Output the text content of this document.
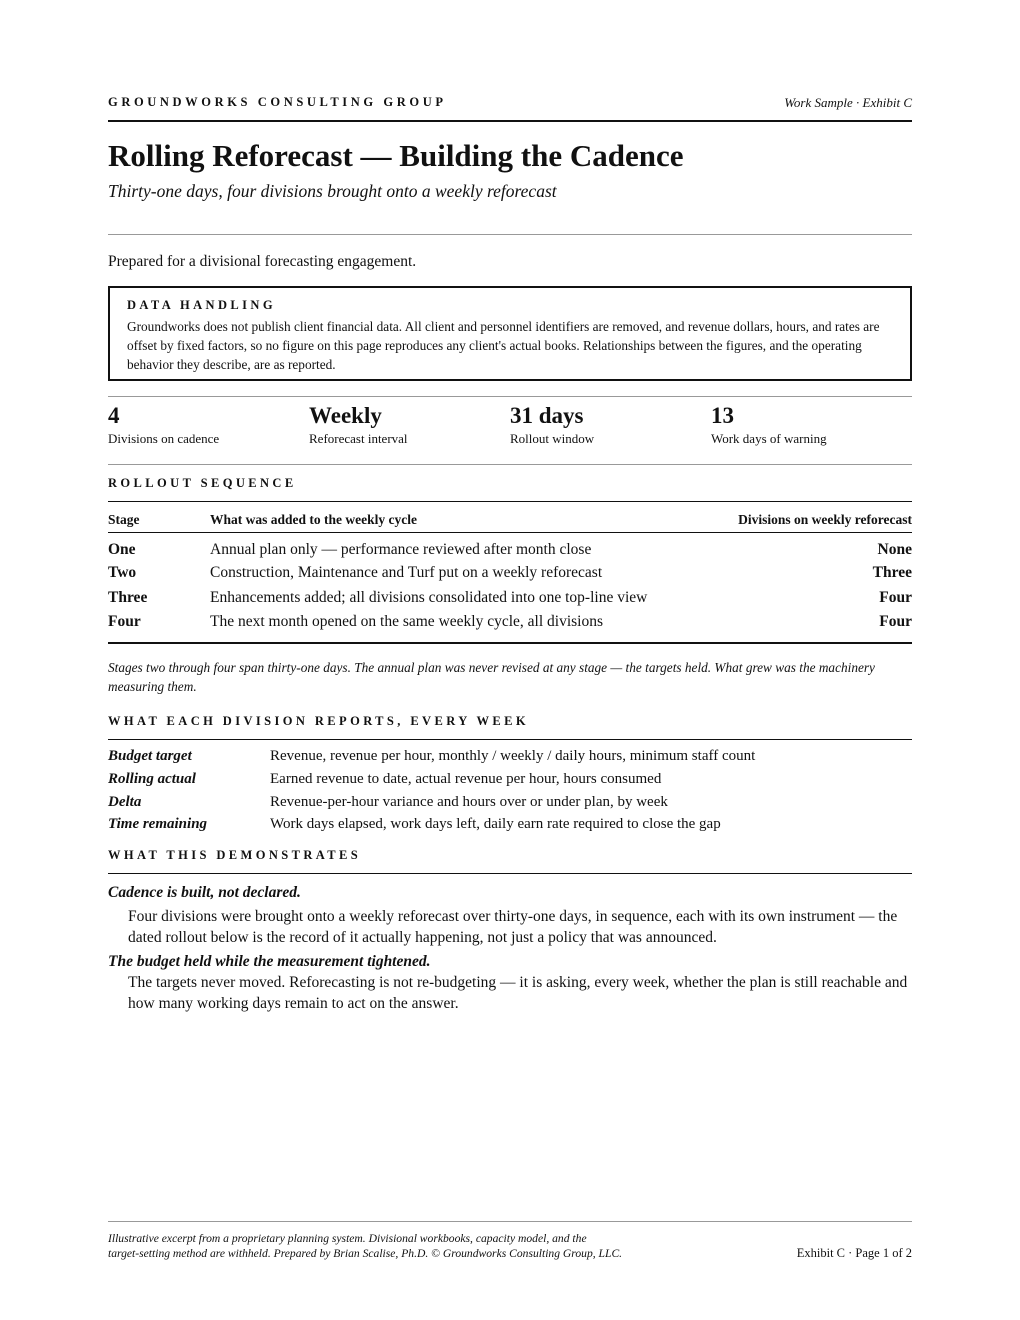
GROUNDWORKS CONSULTING GROUP	Work Sample · Exhibit C
Rolling Reforecast — Building the Cadence

Thirty-one days, four divisions brought onto a weekly reforecast

Prepared for a divisional forecasting engagement.
DATA HANDLING

Groundworks does not publish client financial data. All client and personnel identifiers are removed, and revenue dollars, hours, and rates are offset by fixed factors, so no figure on this page reproduces any client's actual books. Relationships between the figures, and the operating behavior they describe, are as reported.

4
Divisions on cadence
Weekly
Reforecast interval
31 days
Rollout window
13
Work days of warning
ROLLOUT SEQUENCE
Stage	What was added to the weekly cycle	Divisions on weekly reforecast
One	Annual plan only — performance reviewed after month close	None
Two	Construction, Maintenance and Turf put on a weekly reforecast	Three
Three	Enhancements added; all divisions consolidated into one top-line view	Four
Four	The next month opened on the same weekly cycle, all divisions	Four

Stages two through four span thirty-one days. The annual plan was never revised at any stage — the targets held. What grew was the machinery measuring them.

WHAT EACH DIVISION REPORTS, EVERY WEEK
Budget target	Revenue, revenue per hour, monthly / weekly / daily hours, minimum staff count
Rolling actual	Earned revenue to date, actual revenue per hour, hours consumed
Delta	Revenue-per-hour variance and hours over or under plan, by week
Time remaining	Work days elapsed, work days left, daily earn rate required to close the gap
WHAT THIS DEMONSTRATES
Cadence is built, not declared.

Four divisions were brought onto a weekly reforecast over thirty-one days, in sequence, each with its own instrument — the dated rollout below is the record of it actually happening, not just a policy that was announced.

The budget held while the measurement tightened.

The targets never moved. Reforecasting is not re-budgeting — it is asking, every week, whether the plan is still reachable and how many working days remain to act on the answer.

Illustrative excerpt from a proprietary planning system. Divisional workbooks, capacity model, and the
target-setting method are withheld. Prepared by Brian Scalise, Ph.D. © Groundworks Consulting Group, LLC.	Exhibit C · Page 1 of 2
